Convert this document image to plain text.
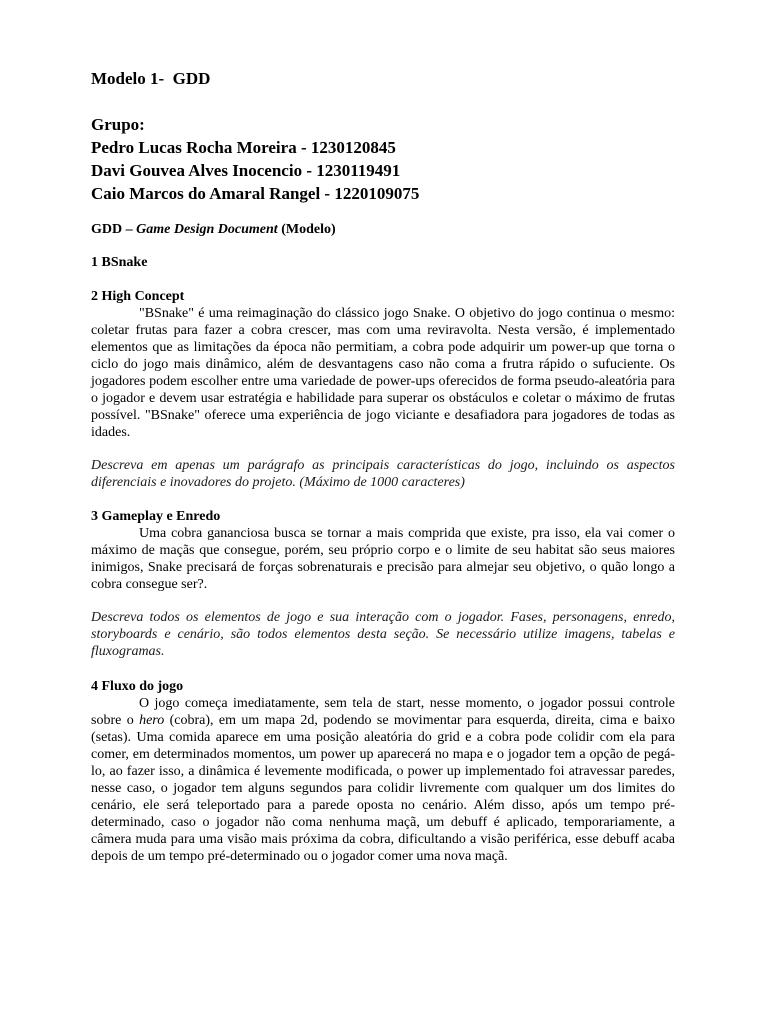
Modelo 1-  GDD

Grupo:

Pedro Lucas Rocha Moreira - 1230120845

Davi Gouvea Alves Inocencio - 1230119491

Caio Marcos do Amaral Rangel - 1220109075

GDD – Game Design Document (Modelo)

1 BSnake

2 High Concept

"BSnake" é uma reimaginação do clássico jogo Snake. O objetivo do jogo continua o mesmo: coletar frutas para fazer a cobra crescer, mas com uma reviravolta. Nesta versão, é implementado elementos que as limitações da época não permitiam, a cobra pode adquirir um power-up que torna o ciclo do jogo mais dinâmico, além de desvantagens caso não coma a frutra rápido o sufuciente. Os jogadores podem escolher entre uma variedade de power-ups oferecidos de forma pseudo-aleatória para o jogador e devem usar estratégia e habilidade para superar os obstáculos e coletar o máximo de frutas possível. "BSnake" oferece uma experiência de jogo viciante e desafiadora para jogadores de todas as idades.

Descreva em apenas um parágrafo as principais características do jogo, incluindo os aspectos diferenciais e inovadores do projeto. (Máximo de 1000 caracteres)

3 Gameplay e Enredo

Uma cobra gananciosa busca se tornar a mais comprida que existe, pra isso, ela vai comer o máximo de maçãs que consegue, porém, seu próprio corpo e o limite de seu habitat são seus maiores inimigos, Snake precisará de forças sobrenaturais e precisão para almejar seu objetivo, o quão longo a cobra consegue ser?.

Descreva todos os elementos de jogo e sua interação com o jogador. Fases, personagens, enredo, storyboards e cenário, são todos elementos desta seção. Se necessário utilize imagens, tabelas e fluxogramas.

4 Fluxo do jogo

O jogo começa imediatamente, sem tela de start, nesse momento, o jogador possui controle sobre o hero (cobra), em um mapa 2d, podendo se movimentar para esquerda, direita, cima e baixo (setas). Uma comida aparece em uma posição aleatória do grid e a cobra pode colidir com ela para comer, em determinados momentos, um power up aparecerá no mapa e o jogador tem a opção de pegá-lo, ao fazer isso, a dinâmica é levemente modificada, o power up implementado foi atravessar paredes, nesse caso, o jogador tem alguns segundos para colidir livremente com qualquer um dos limites do cenário, ele será teleportado para a parede oposta no cenário. Além disso, após um tempo pré-determinado, caso o jogador não coma nenhuma maçã, um debuff é aplicado, temporariamente, a câmera muda para uma visão mais próxima da cobra, dificultando a visão periférica, esse debuff acaba depois de um tempo pré-determinado ou o jogador comer uma nova maçã.
